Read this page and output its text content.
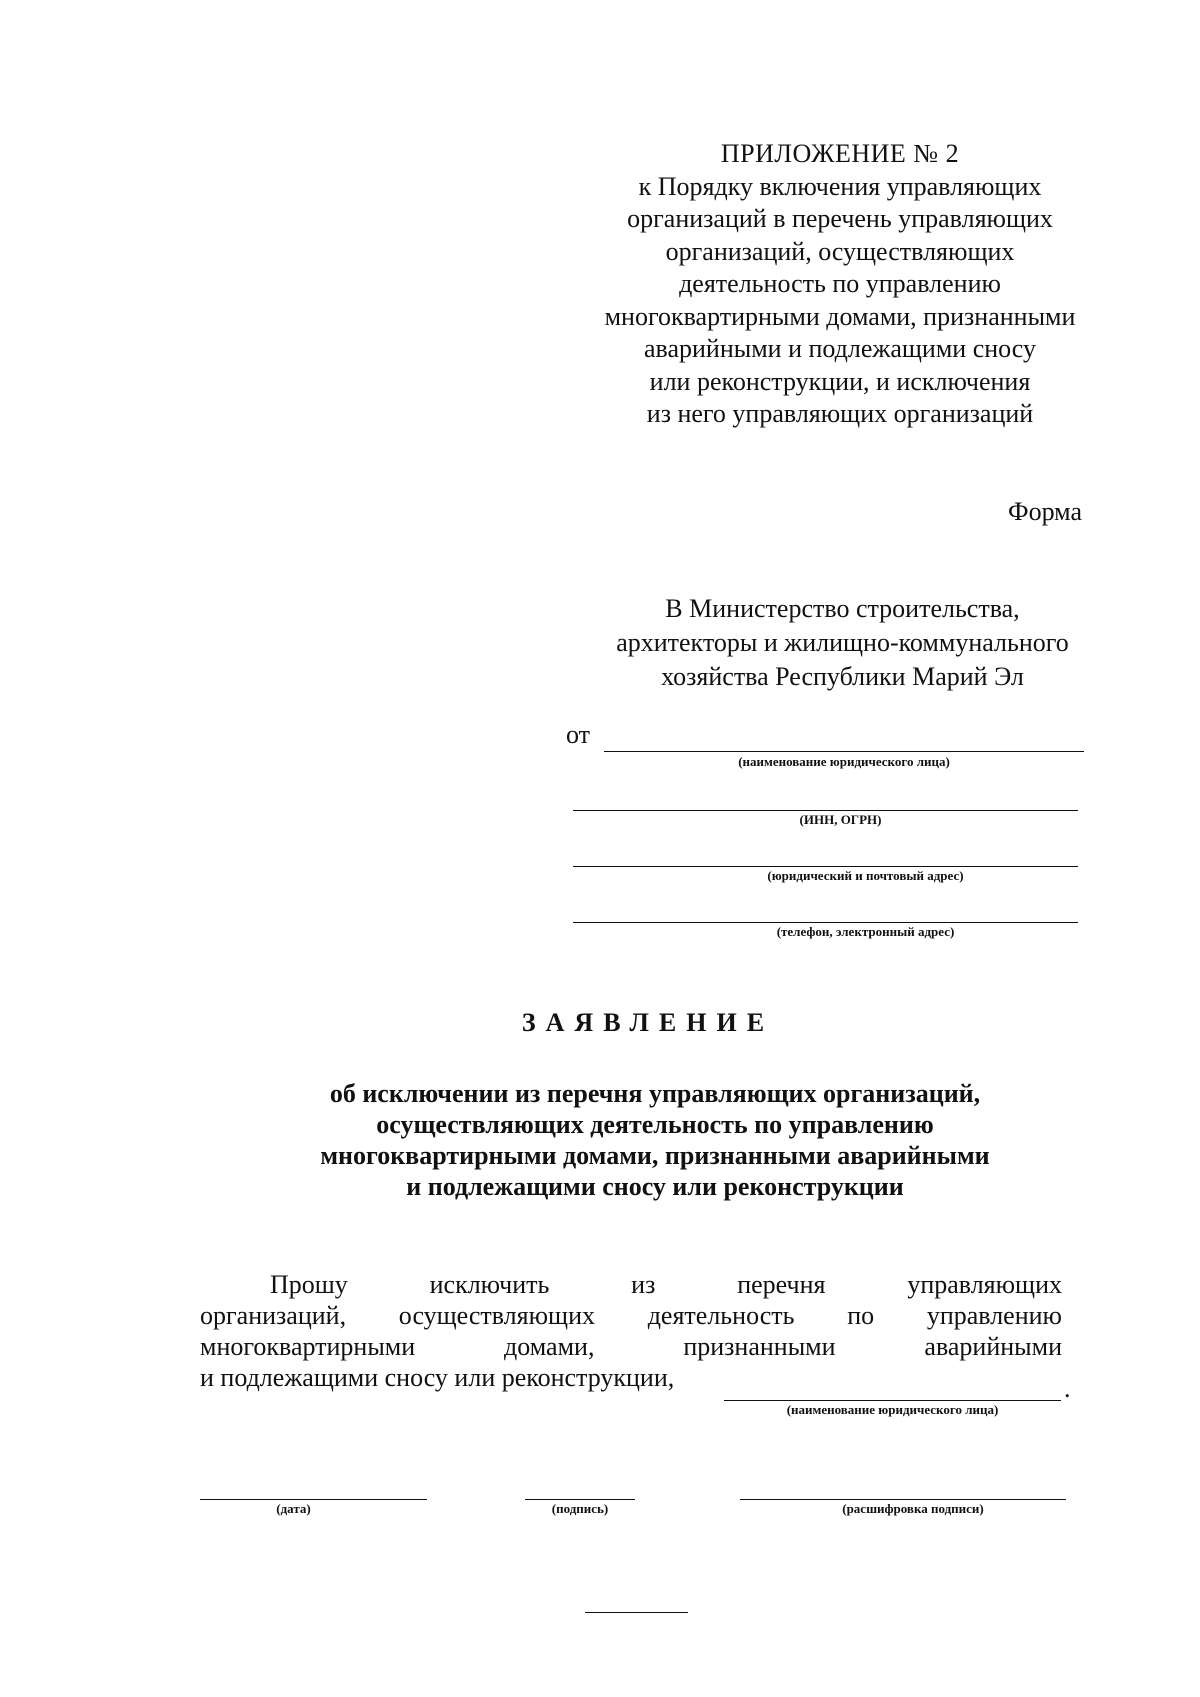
ПРИЛОЖЕНИЕ № 2
к Порядку включения управляющих
организаций в перечень управляющих
организаций, осуществляющих
деятельность по управлению
многоквартирными домами, признанными
аварийными и подлежащими сносу
или реконструкции, и исключения
из него управляющих организаций
Форма
В Министерство строительства,
архитекторы и жилищно-коммунального
хозяйства Республики Марий Эл
от
(наименование юридического лица)
(ИНН, ОГРН)
(юридический и почтовый адрес)
(телефон, электронный адрес)
ЗАЯВЛЕНИЕ
об исключении из перечня управляющих организаций,
осуществляющих деятельность по управлению
многоквартирными домами, признанными аварийными
и подлежащими сносу или реконструкции
Прошу	исключить	из	перечня	управляющих
организаций, осуществляющих деятельность по управлению
многоквартирными	домами,	признанными	аварийными
и подлежащими сносу или реконструкции,	.
(наименование юридического лица)
(дата)	(подпись)	(расшифровка подписи)
